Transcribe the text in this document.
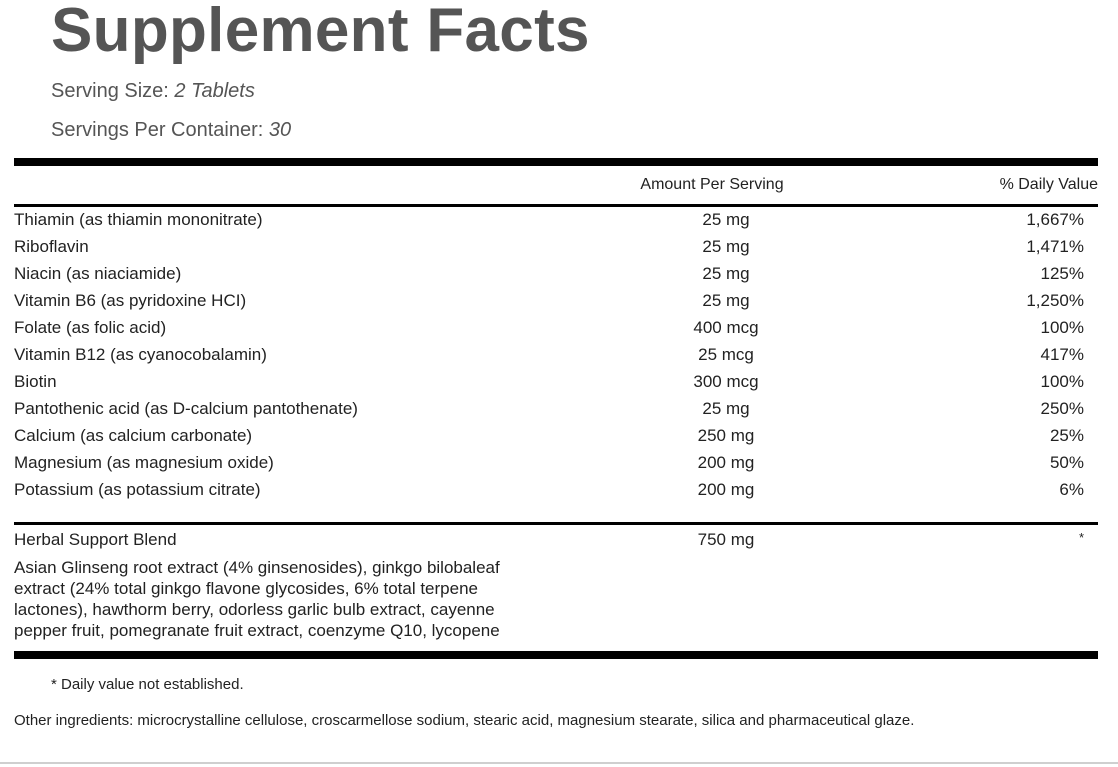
Supplement Facts
Serving Size: 2 Tablets
Servings Per Container: 30
Amount Per Serving	% Daily Value
Thiamin (as thiamin mononitrate)	25 mg	1,667%
Riboflavin	25 mg	1,471%
Niacin (as niaciamide)	25 mg	125%
Vitamin B6 (as pyridoxine HCI)	25 mg	1,250%
Folate (as folic acid)	400 mcg	100%
Vitamin B12 (as cyanocobalamin)	25 mcg	417%
Biotin	300 mcg	100%
Pantothenic acid (as D-calcium pantothenate)	25 mg	250%
Calcium (as calcium carbonate)	250 mg	25%
Magnesium (as magnesium oxide)	200 mg	50%
Potassium (as potassium citrate)	200 mg	6%
Herbal Support Blend	750 mg	*
Asian Glinseng root extract (4% ginsenosides), ginkgo bilobaleaf extract (24% total ginkgo flavone glycosides, 6% total terpene lactones), hawthorm berry, odorless garlic bulb extract, cayenne pepper fruit, pomegranate fruit extract, coenzyme Q10, lycopene
* Daily value not established.
Other ingredients: microcrystalline cellulose, croscarmellose sodium, stearic acid, magnesium stearate, silica and pharmaceutical glaze.
